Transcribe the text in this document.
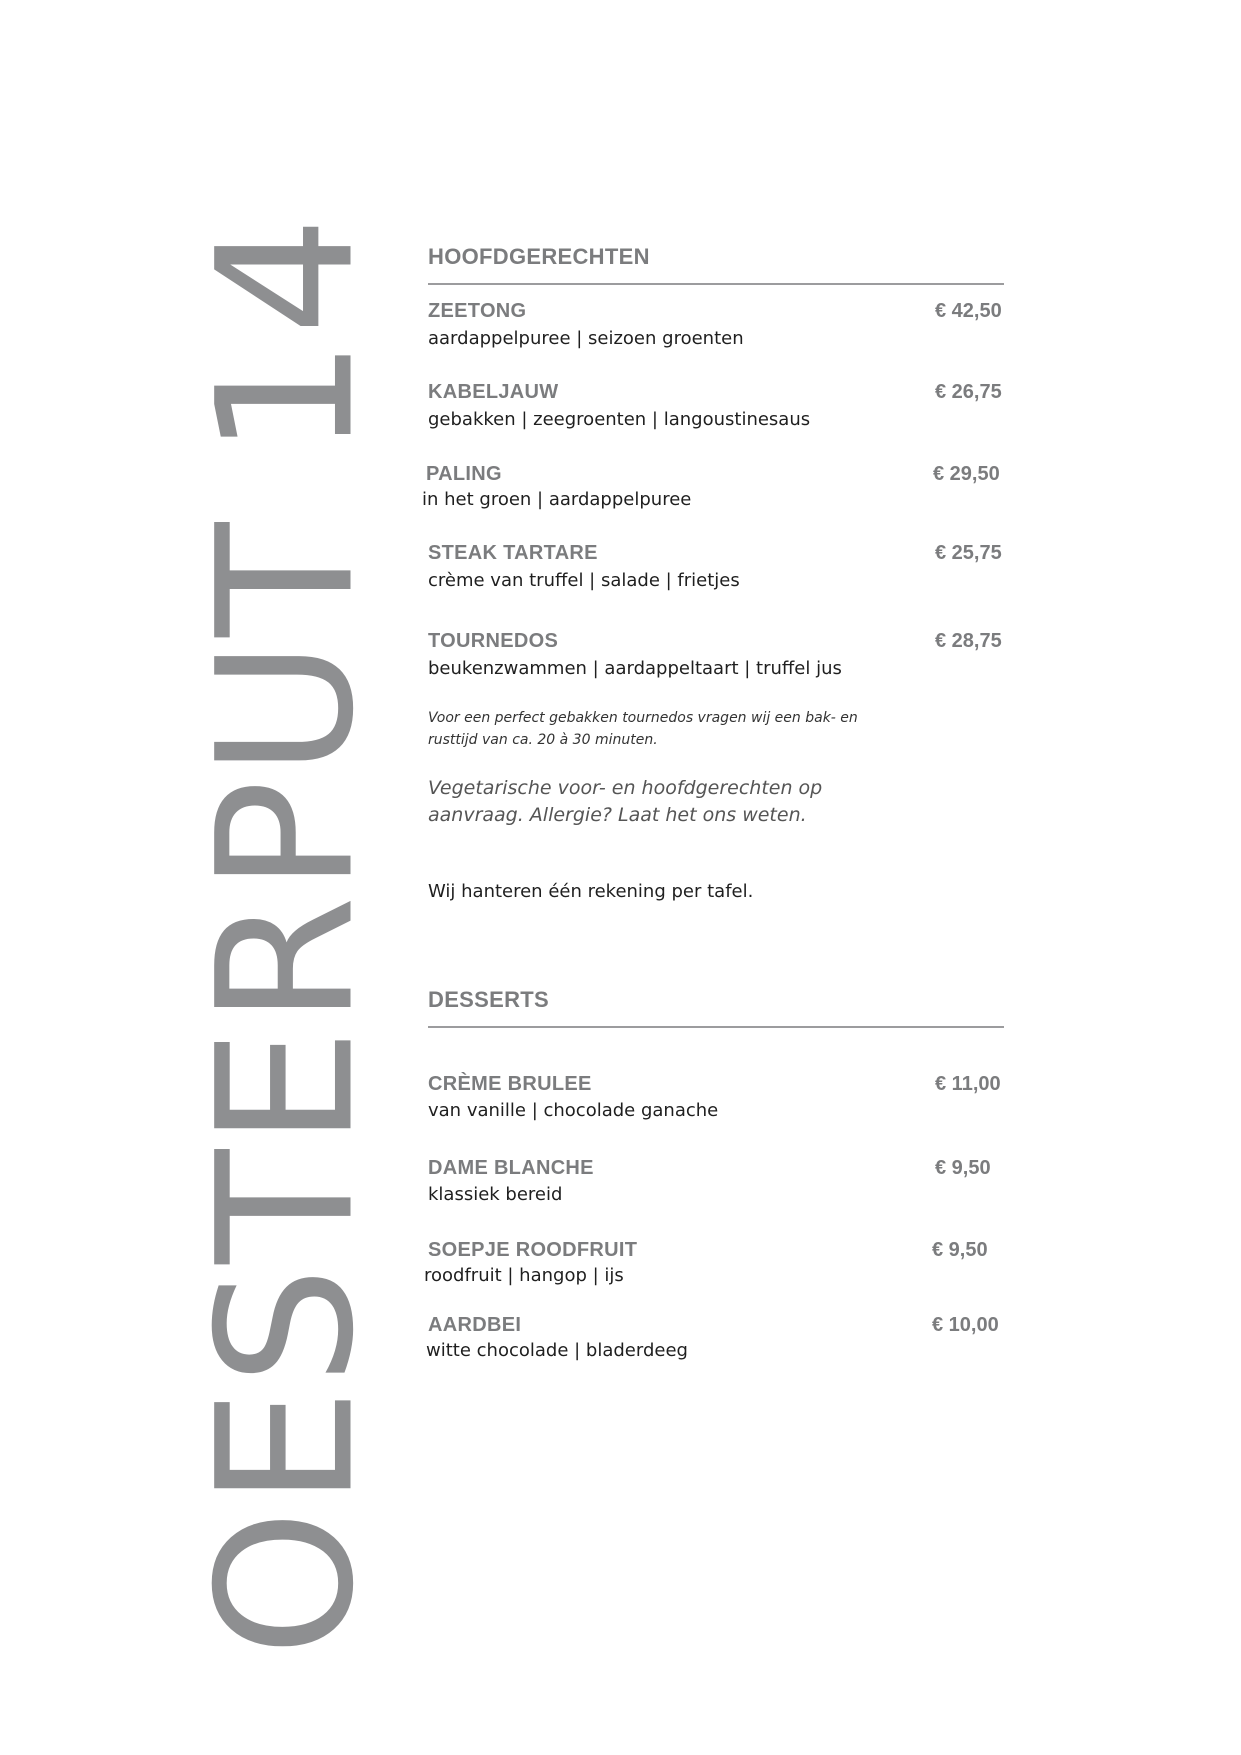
OESTERPUT 14 HOOFDGERECHTEN
ZEETONG	€ 42,50
aardappelpuree | seizoen groenten
KABELJAUW	€ 26,75
gebakken | zeegroenten | langoustinesaus
PALING	€ 29,50
in het groen | aardappelpuree
STEAK TARTARE	€ 25,75
crème van truffel | salade | frietjes
TOURNEDOS	€ 28,75
beukenzwammen | aardappeltaart | truffel jus
Voor een perfect gebakken tournedos vragen wij een bak- en rusttijd van ca. 20 à 30 minuten.
Vegetarische voor- en hoofdgerechten op aanvraag. Allergie? Laat het ons weten.
Wij hanteren één rekening per tafel.
DESSERTS
CRÈME BRULEE	€ 11,00
van vanille | chocolade ganache
DAME BLANCHE	€ 9,50
klassiek bereid
SOEPJE ROODFRUIT	€ 9,50
roodfruit | hangop | ijs
AARDBEI	€ 10,00
witte chocolade | bladerdeeg
